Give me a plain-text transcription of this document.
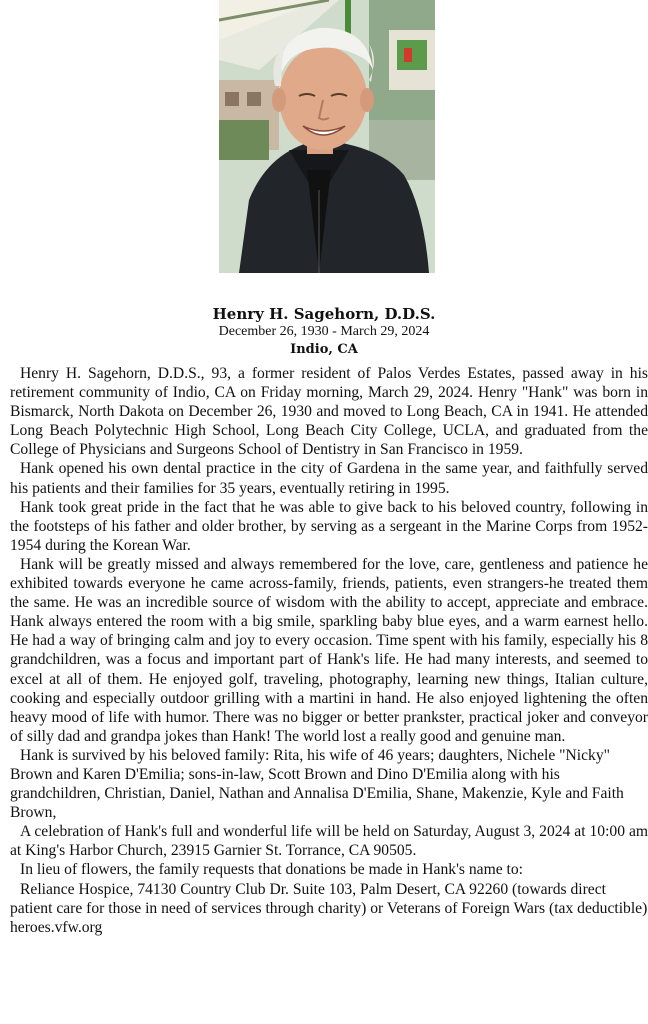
Henry H. Sagehorn, D.D.S.
December 26, 1930 - March 29, 2024
Indio, CA

Henry H. Sagehorn, D.D.S., 93, a former resident of Palos Verdes Estates, passed away in his retirement community of Indio, CA on Friday morning, March 29, 2024. Henry "Hank" was born in Bismarck, North Dakota on December 26, 1930 and moved to Long Beach, CA in 1941. He attended Long Beach Polytechnic High School, Long Beach City College, UCLA, and graduated from the College of Physicians and Surgeons School of Dentistry in San Francisco in 1959.

Hank opened his own dental practice in the city of Gardena in the same year, and faithfully served his patients and their families for 35 years, eventually retiring in 1995.

Hank took great pride in the fact that he was able to give back to his beloved country, following in the footsteps of his father and older brother, by serving as a sergeant in the Marine Corps from 1952-1954 during the Korean War.

Hank will be greatly missed and always remembered for the love, care, gentleness and patience he exhibited towards everyone he came across-family, friends, patients, even strangers-he treated them the same. He was an incredible source of wisdom with the ability to accept, appreciate and embrace. Hank always entered the room with a big smile, sparkling baby blue eyes, and a warm earnest hello. He had a way of bringing calm and joy to every occasion. Time spent with his family, especially his 8 grandchildren, was a focus and important part of Hank's life. He had many interests, and seemed to excel at all of them. He enjoyed golf, traveling, photography, learning new things, Italian culture, cooking and especially outdoor grilling with a martini in hand. He also enjoyed lightening the often heavy mood of life with humor. There was no bigger or better prankster, practical joker and conveyor of silly dad and grandpa jokes than Hank! The world lost a really good and genuine man.

Hank is survived by his beloved family: Rita, his wife of 46 years; daughters, Nichele "Nicky" Brown and Karen D'Emilia; sons-in-law, Scott Brown and Dino D'Emilia along with his grandchildren, Christian, Daniel, Nathan and Annalisa D'Emilia, Shane, Makenzie, Kyle and Faith Brown,

A celebration of Hank's full and wonderful life will be held on Saturday, August 3, 2024 at 10:00 am at King's Harbor Church, 23915 Garnier St. Torrance, CA 90505.

In lieu of flowers, the family requests that donations be made in Hank's name to:

Reliance Hospice, 74130 Country Club Dr. Suite 103, Palm Desert, CA 92260 (towards direct patient care for those in need of services through charity) or Veterans of Foreign Wars (tax deductible) heroes.vfw.org
